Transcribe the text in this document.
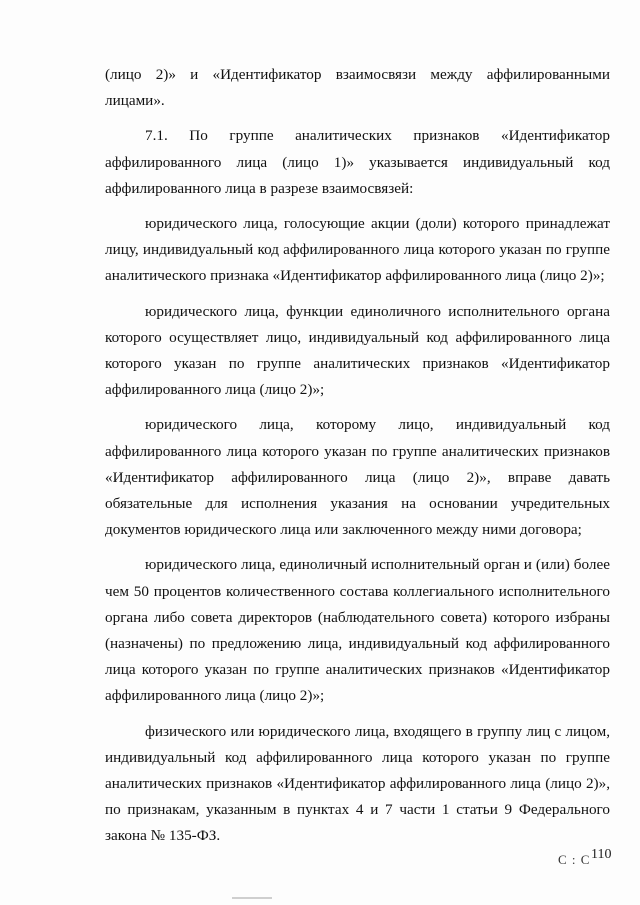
(лицо 2)» и «Идентификатор взаимосвязи между аффилированными лицами».

7.1. По группе аналитических признаков «Идентификатор аффилированного лица (лицо 1)» указывается индивидуальный код аффилированного лица в разрезе взаимосвязей:

юридического лица, голосующие акции (доли) которого принадлежат лицу, индивидуальный код аффилированного лица которого указан по группе аналитического признака «Идентификатор аффилированного лица (лицо 2)»;

юридического лица, функции единоличного исполнительного органа которого осуществляет лицо, индивидуальный код аффилированного лица которого указан по группе аналитических признаков «Идентификатор аффилированного лица (лицо 2)»;

юридического лица, которому лицо, индивидуальный код аффилированного лица которого указан по группе аналитических признаков «Идентификатор аффилированного лица (лицо 2)», вправе давать обязательные для исполнения указания на основании учредительных документов юридического лица или заключенного между ними договора;

юридического лица, единоличный исполнительный орган и (или) более чем 50 процентов количественного состава коллегиального исполнительного органа либо совета директоров (наблюдательного совета) которого избраны (назначены) по предложению лица, индивидуальный код аффилированного лица которого указан по группе аналитических признаков «Идентификатор аффилированного лица (лицо 2)»;

физического или юридического лица, входящего в группу лиц с лицом, индивидуальный код аффилированного лица которого указан по группе аналитических признаков «Идентификатор аффилированного лица (лицо 2)», по признакам, указанным в пунктах 4 и 7 части 1 статьи 9 Федерального закона № 135-ФЗ.

С : С 110
